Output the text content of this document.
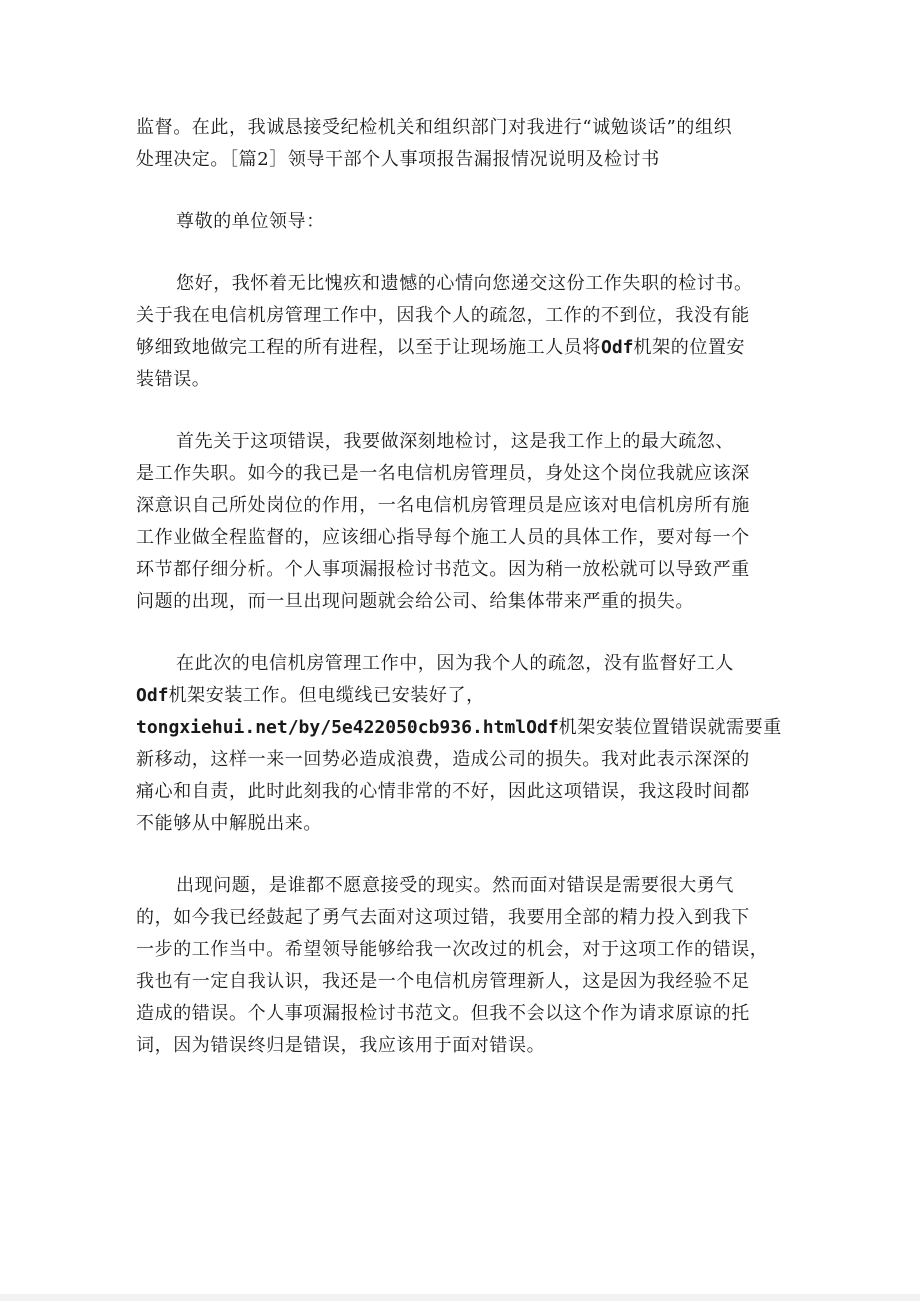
监督。在此，我诚恳接受纪检机关和组织部门对我进行“诚勉谈话”的组织
处理决定。［篇2］领导干部个人事项报告漏报情况说明及检讨书
尊敬的单位领导：
您好，我怀着无比愧疚和遗憾的心情向您递交这份工作失职的检讨书。
关于我在电信机房管理工作中，因我个人的疏忽，工作的不到位，我没有能
够细致地做完工程的所有进程，以至于让现场施工人员将Odf机架的位置安
装错误。
首先关于这项错误，我要做深刻地检讨，这是我工作上的最大疏忽、
是工作失职。如今的我已是一名电信机房管理员，身处这个岗位我就应该深
深意识自己所处岗位的作用，一名电信机房管理员是应该对电信机房所有施
工作业做全程监督的，应该细心指导每个施工人员的具体工作，要对每一个
环节都仔细分析。个人事项漏报检讨书范文。因为稍一放松就可以导致严重
问题的出现，而一旦出现问题就会给公司、给集体带来严重的损失。
在此次的电信机房管理工作中，因为我个人的疏忽，没有监督好工人
Odf机架安装工作。但电缆线已安装好了，
tongxiehui.net/by/5e422050cb936.htmlOdf机架安装位置错误就需要重
新移动，这样一来一回势必造成浪费，造成公司的损失。我对此表示深深的
痛心和自责，此时此刻我的心情非常的不好，因此这项错误，我这段时间都
不能够从中解脱出来。
出现问题，是谁都不愿意接受的现实。然而面对错误是需要很大勇气
的，如今我已经鼓起了勇气去面对这项过错，我要用全部的精力投入到我下
一步的工作当中。希望领导能够给我一次改过的机会，对于这项工作的错误，
我也有一定自我认识，我还是一个电信机房管理新人，这是因为我经验不足
造成的错误。个人事项漏报检讨书范文。但我不会以这个作为请求原谅的托
词，因为错误终归是错误，我应该用于面对错误。
